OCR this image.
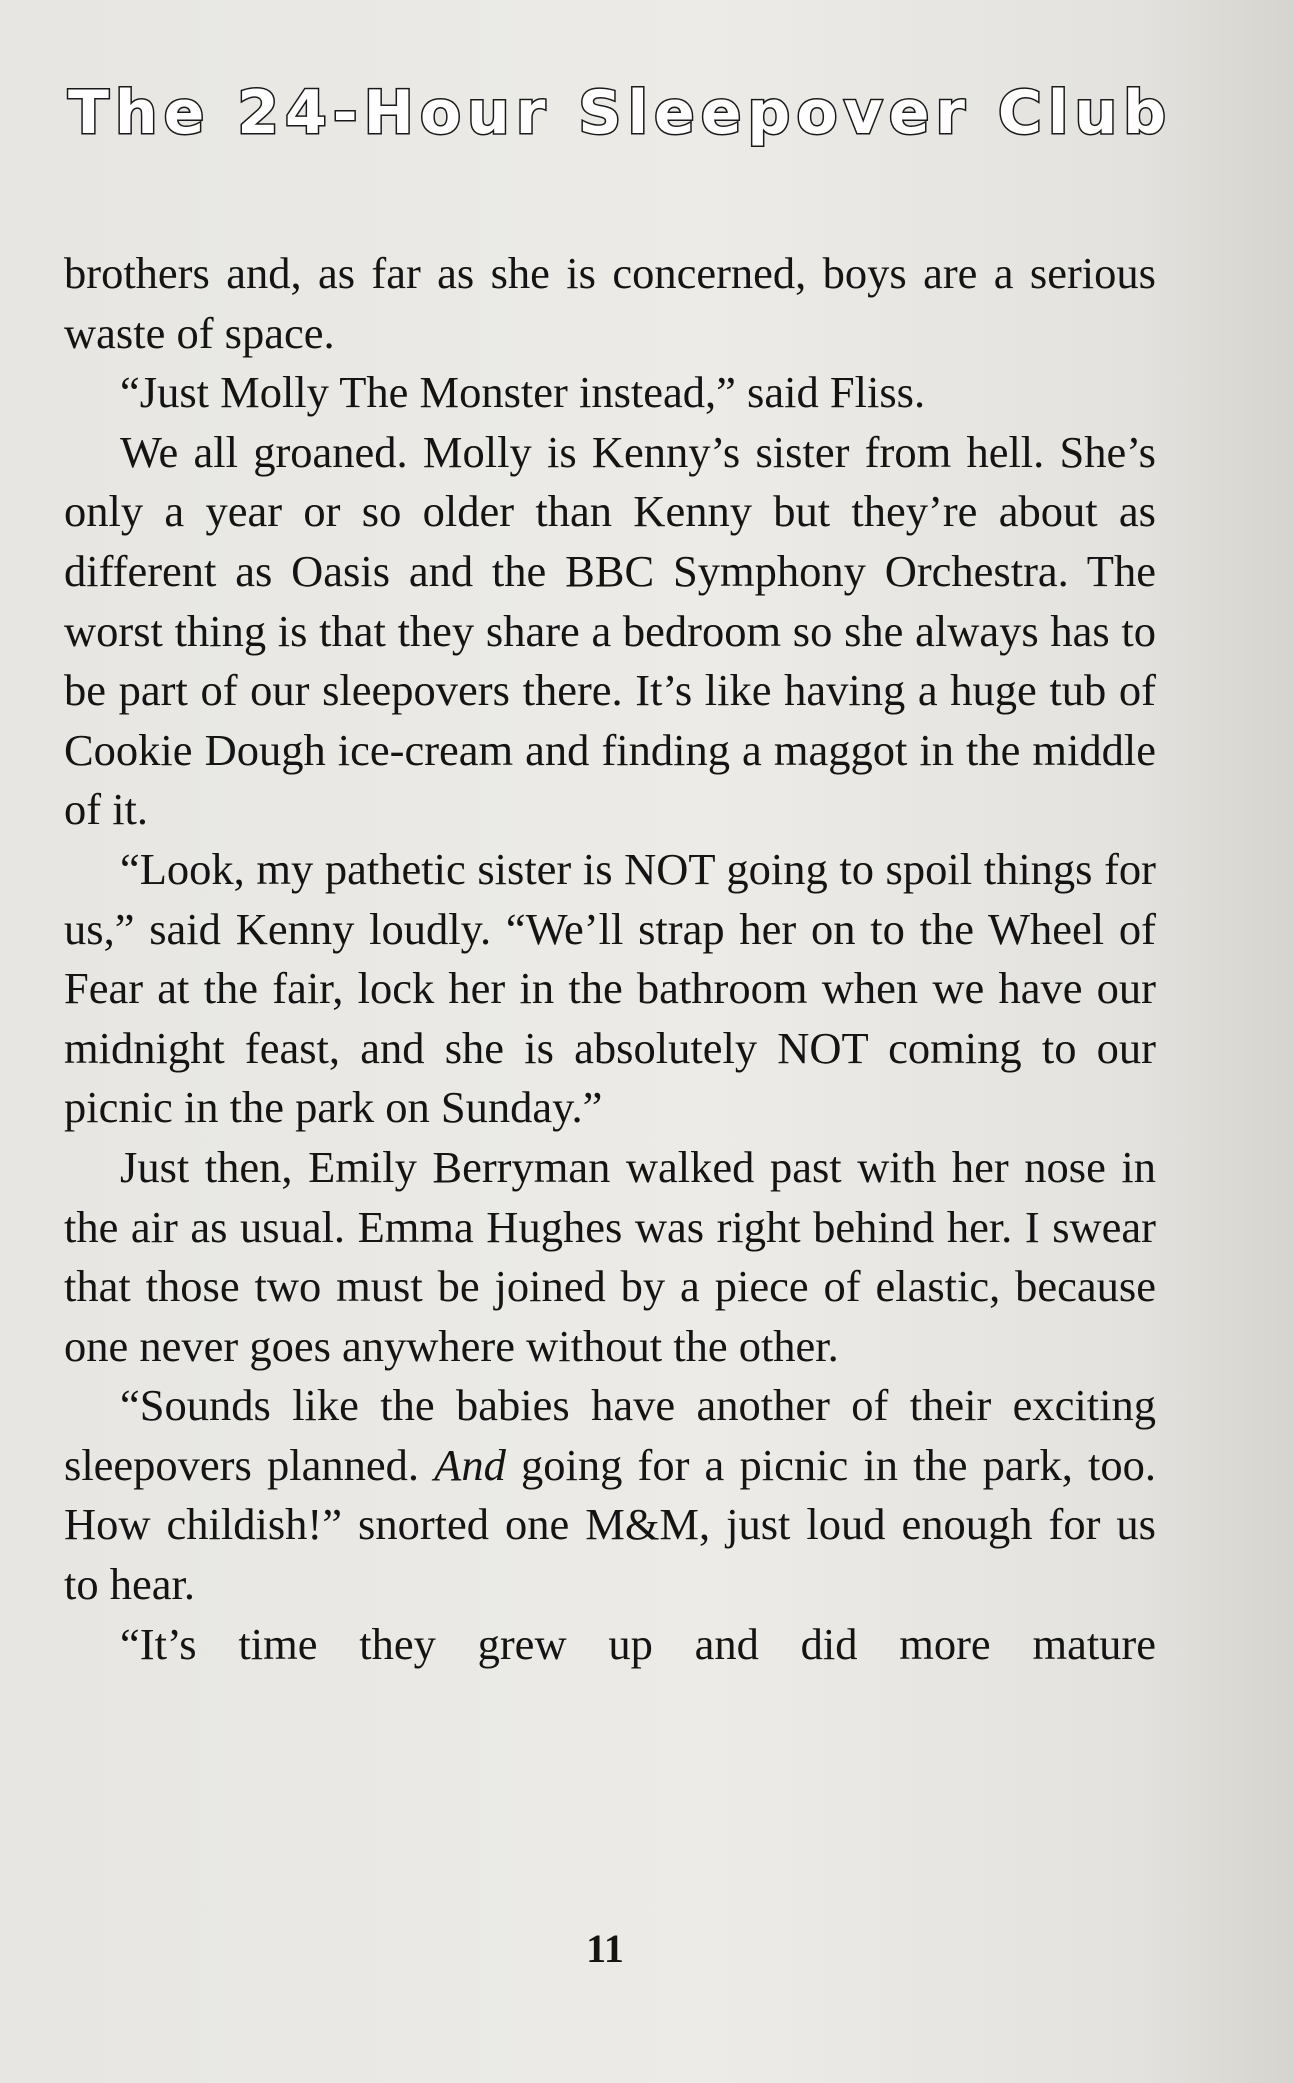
The 24-Hour Sleepover Club

brothers and, as far as she is concerned, boys are a serious waste of space.

“Just Molly The Monster instead,” said Fliss.

We all groaned. Molly is Kenny’s sister from hell. She’s only a year or so older than Kenny but they’re about as different as Oasis and the BBC Symphony Orchestra. The worst thing is that they share a bedroom so she always has to be part of our sleepovers there. It’s like having a huge tub of Cookie Dough ice-cream and finding a maggot in the middle of it.

“Look, my pathetic sister is NOT going to spoil things for us,” said Kenny loudly. “We’ll strap her on to the Wheel of Fear at the fair, lock her in the bathroom when we have our midnight feast, and she is absolutely NOT coming to our picnic in the park on Sunday.”

Just then, Emily Berryman walked past with her nose in the air as usual. Emma Hughes was right behind her. I swear that those two must be joined by a piece of elastic, because one never goes anywhere without the other.

“Sounds like the babies have another of their exciting sleepovers planned. And going for a picnic in the park, too. How childish!” snorted one M&M, just loud enough for us to hear.

“It’s time they grew up and did more mature

11
